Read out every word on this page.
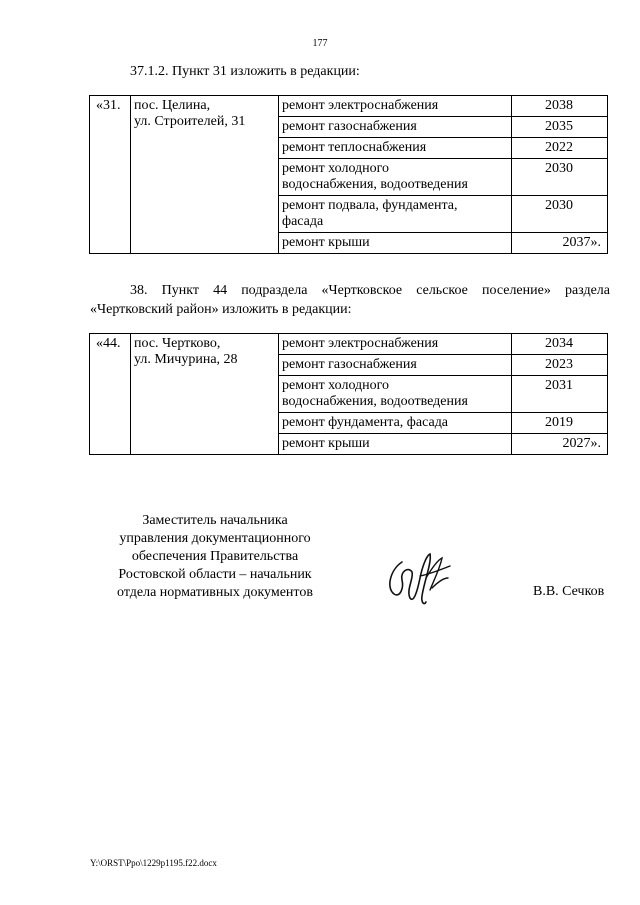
177
37.1.2. Пункт 31 изложить в редакции:
«31.	пос. Целина,
ул. Строителей, 31	ремонт электроснабжения	2038
		ремонт газоснабжения	2035
		ремонт теплоснабжения	2022
		ремонт холодного
водоснабжения, водоотведения	2030
		ремонт подвала, фундамента,
фасада	2030
		ремонт крыши	2037».
38. Пункт 44 подраздела «Чертковское сельское поселение» раздела
«Чертковский район» изложить в редакции:
«44.	пос. Чертково,
ул. Мичурина, 28	ремонт электроснабжения	2034
		ремонт газоснабжения	2023
		ремонт холодного
водоснабжения, водоотведения	2031
		ремонт фундамента, фасада	2019
		ремонт крыши	2027».
Заместитель начальника
управления документационного
обеспечения Правительства
Ростовской области – начальник
отдела нормативных документов	В.В. Сечков
Y:\ORST\Ppo\1229p1195.f22.docx
